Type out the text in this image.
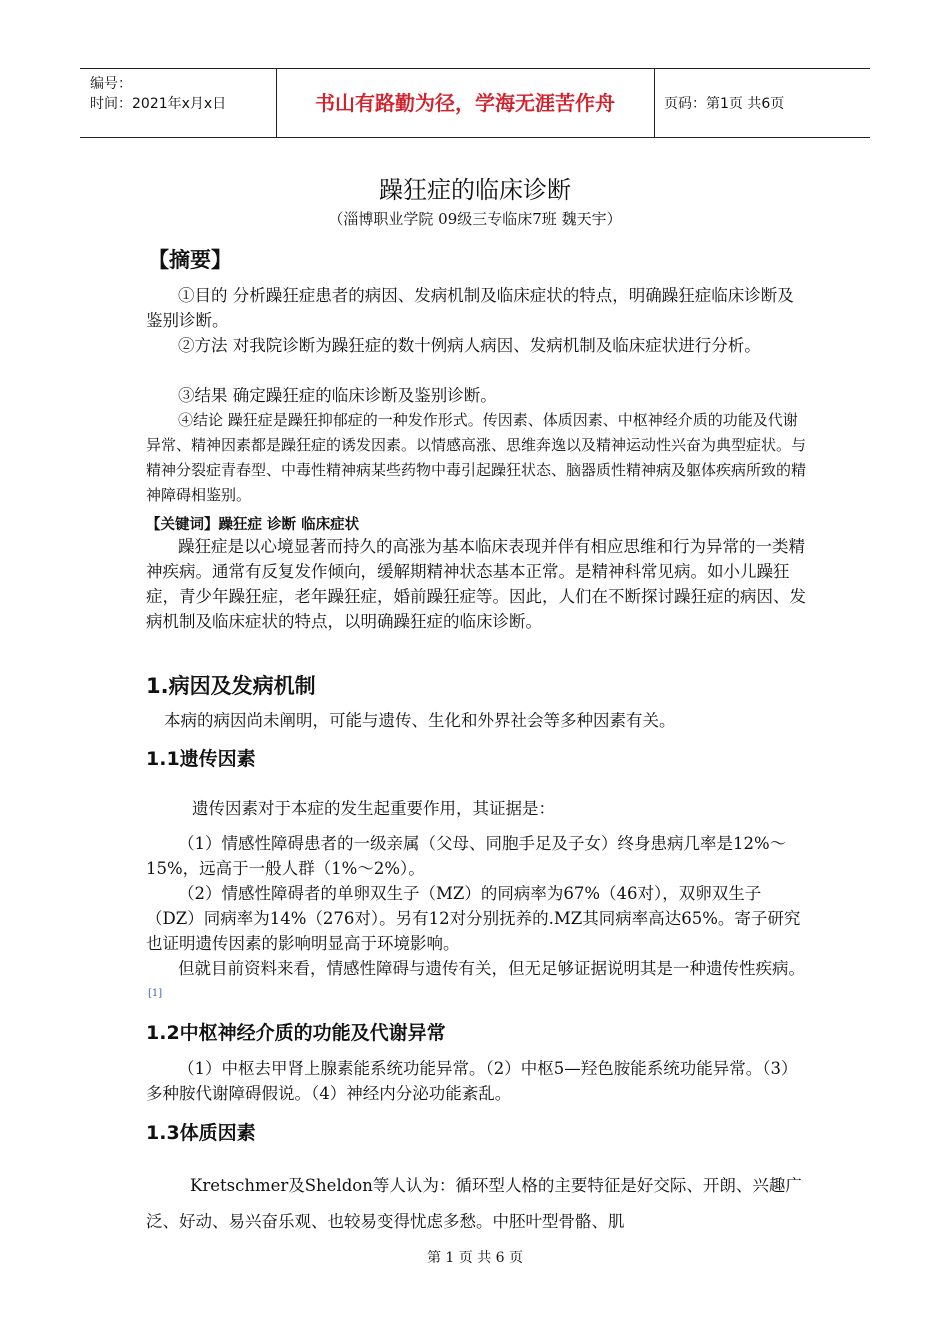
编号：
时间：2021年x月x日	书山有路勤为径，学海无涯苦作舟	页码：第1页 共6页
躁狂症的临床诊断
（淄博职业学院 09级三专临床7班 魏天宇）
【摘要】

①目的 分析躁狂症患者的病因、发病机制及临床症状的特点，明确躁狂症临床诊断及鉴别诊断。

②方法 对我院诊断为躁狂症的数十例病人病因、发病机制及临床症状进行分析。

③结果 确定躁狂症的临床诊断及鉴别诊断。

④结论 躁狂症是躁狂抑郁症的一种发作形式。传因素、体质因素、中枢神经介质的功能及代谢异常、精神因素都是躁狂症的诱发因素。以情感高涨、思维奔逸以及精神运动性兴奋为典型症状。与精神分裂症青春型、中毒性精神病某些药物中毒引起躁狂状态、脑器质性精神病及躯体疾病所致的精神障碍相鉴别。

【关键词】躁狂症 诊断 临床症状

躁狂症是以心境显著而持久的高涨为基本临床表现并伴有相应思维和行为异常的一类精神疾病。通常有反复发作倾向，缓解期精神状态基本正常。是精神科常见病。如小儿躁狂症，青少年躁狂症，老年躁狂症，婚前躁狂症等。因此，人们在不断探讨躁狂症的病因、发病机制及临床症状的特点，以明确躁狂症的临床诊断。

1.病因及发病机制

本病的病因尚未阐明，可能与遗传、生化和外界社会等多种因素有关。

1.1遗传因素

遗传因素对于本症的发生起重要作用，其证据是：

（1）情感性障碍患者的一级亲属（父母、同胞手足及子女）终身患病几率是12%～15%，远高于一般人群（1%～2%）。

（2）情感性障碍者的单卵双生子（MZ）的同病率为67%（46对），双卵双生子（DZ）同病率为14%（276对）。另有12对分别抚养的.MZ其同病率高达65%。寄子研究也证明遗传因素的影响明显高于环境影响。

但就目前资料来看，情感性障碍与遗传有关，但无足够证据说明其是一种遗传性疾病。[1]

1.2中枢神经介质的功能及代谢异常

（1）中枢去甲肾上腺素能系统功能异常。（2）中枢5—羟色胺能系统功能异常。（3）多种胺代谢障碍假说。（4）神经内分泌功能紊乱。

1.3体质因素

Kretschmer及Sheldon等人认为：循环型人格的主要特征是好交际、开朗、兴趣广泛、好动、易兴奋乐观、也较易变得忧虑多愁。中胚叶型骨骼、肌

第 1 页 共 6 页
